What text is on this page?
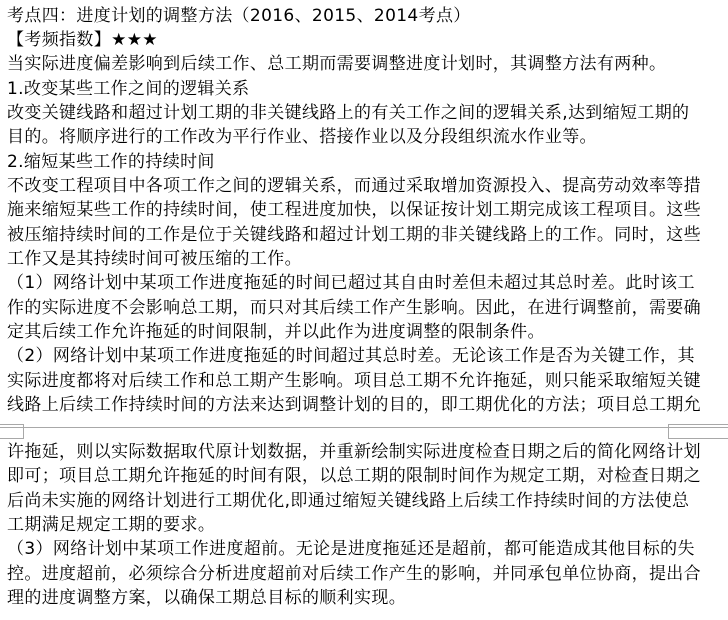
考点四：进度计划的调整方法（2016、2015、2014考点）
【考频指数】★★★
当实际进度偏差影响到后续工作、总工期而需要调整进度计划时，其调整方法有两种。
1.改变某些工作之间的逻辑关系
改变关键线路和超过计划工期的非关键线路上的有关工作之间的逻辑关系,达到缩短工期的
目的。将顺序进行的工作改为平行作业、搭接作业以及分段组织流水作业等。
2.缩短某些工作的持续时间
不改变工程项目中各项工作之间的逻辑关系，而通过采取增加资源投入、提高劳动效率等措
施来缩短某些工作的持续时间，使工程进度加快，以保证按计划工期完成该工程项目。这些
被压缩持续时间的工作是位于关键线路和超过计划工期的非关键线路上的工作。同时，这些
工作又是其持续时间可被压缩的工作。
（1）网络计划中某项工作进度拖延的时间已超过其自由时差但未超过其总时差。此时该工
作的实际进度不会影响总工期，而只对其后续工作产生影响。因此，在进行调整前，需要确
定其后续工作允许拖延的时间限制，并以此作为进度调整的限制条件。
（2）网络计划中某项工作进度拖延的时间超过其总时差。无论该工作是否为关键工作，其
实际进度都将对后续工作和总工期产生影响。项目总工期不允许拖延，则只能采取缩短关键
线路上后续工作持续时间的方法来达到调整计划的目的，即工期优化的方法；项目总工期允
许拖延，则以实际数据取代原计划数据，并重新绘制实际进度检查日期之后的简化网络计划
即可；项目总工期允许拖延的时间有限，以总工期的限制时间作为规定工期，对检查日期之
后尚未实施的网络计划进行工期优化,即通过缩短关键线路上后续工作持续时间的方法使总
工期满足规定工期的要求。
（3）网络计划中某项工作进度超前。无论是进度拖延还是超前，都可能造成其他目标的失
控。进度超前，必须综合分析进度超前对后续工作产生的影响，并同承包单位协商，提出合
理的进度调整方案，以确保工期总目标的顺利实现。
